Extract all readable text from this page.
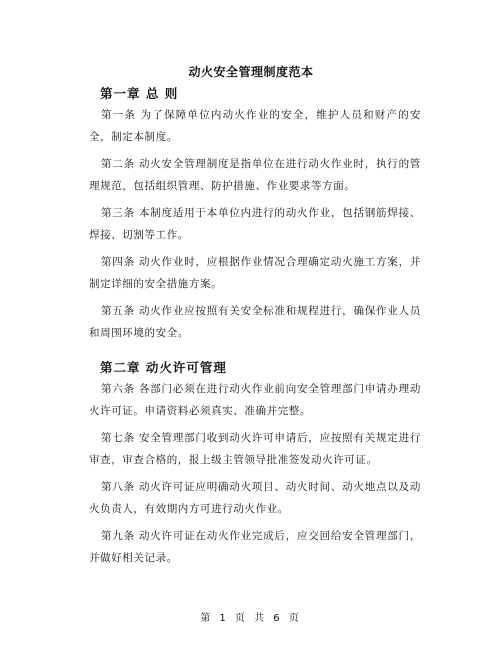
动火安全管理制度范本
第一章 总 则

第一条 为了保障单位内动火作业的安全，维护人员和财产的安全，制定本制度。

第二条 动火安全管理制度是指单位在进行动火作业时，执行的管理规范，包括组织管理、防护措施、作业要求等方面。

第三条 本制度适用于本单位内进行的动火作业，包括钢筋焊接、焊接、切割等工作。

第四条 动火作业时，应根据作业情况合理确定动火施工方案，并制定详细的安全措施方案。

第五条 动火作业应按照有关安全标准和规程进行，确保作业人员和周围环境的安全。

第二章 动火许可管理

第六条 各部门必须在进行动火作业前向安全管理部门申请办理动火许可证。申请资料必须真实、准确并完整。

第七条 安全管理部门收到动火许可申请后，应按照有关规定进行审查，审查合格的，报上级主管领导批准签发动火许可证。

第八条 动火许可证应明确动火项目、动火时间、动火地点以及动火负责人，有效期内方可进行动火作业。

第九条 动火许可证在动火作业完成后，应交回给安全管理部门，并做好相关记录。

第 1 页 共 6 页
